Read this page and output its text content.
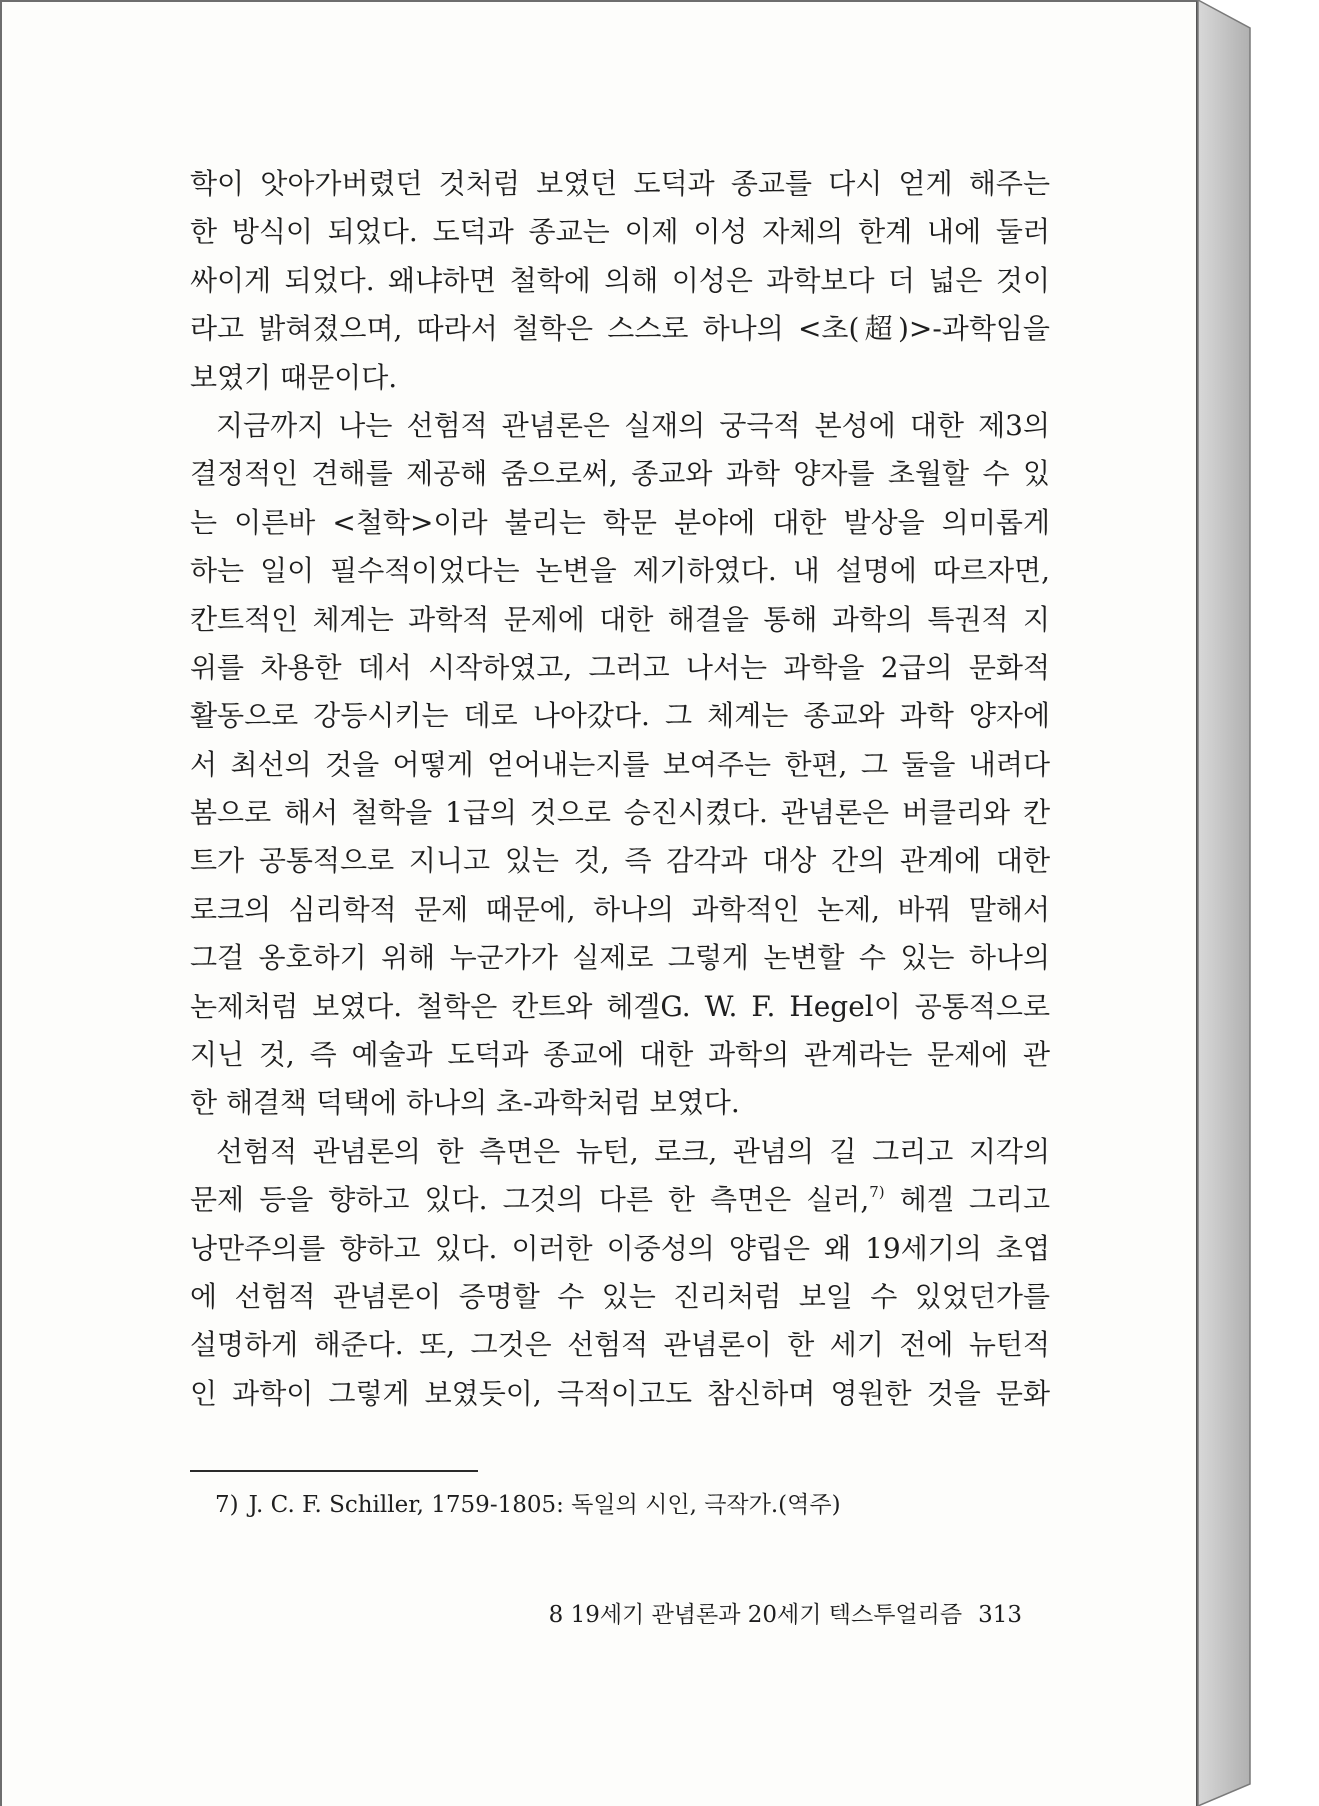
학이 앗아가버렸던 것처럼 보였던 도덕과 종교를 다시 얻게 해주는
한 방식이 되었다. 도덕과 종교는 이제 이성 자체의 한계 내에 둘러
싸이게 되었다. 왜냐하면 철학에 의해 이성은 과학보다 더 넓은 것이
라고 밝혀졌으며, 따라서 철학은 스스로 하나의 <초(超)>-과학임을
보였기 때문이다.
지금까지 나는 선험적 관념론은 실재의 궁극적 본성에 대한 제3의
결정적인 견해를 제공해 줌으로써, 종교와 과학 양자를 초월할 수 있
는 이른바 <철학>이라 불리는 학문 분야에 대한 발상을 의미롭게
하는 일이 필수적이었다는 논변을 제기하였다. 내 설명에 따르자면,
칸트적인 체계는 과학적 문제에 대한 해결을 통해 과학의 특권적 지
위를 차용한 데서 시작하였고, 그러고 나서는 과학을 2급의 문화적
활동으로 강등시키는 데로 나아갔다. 그 체계는 종교와 과학 양자에
서 최선의 것을 어떻게 얻어내는지를 보여주는 한편, 그 둘을 내려다
봄으로 해서 철학을 1급의 것으로 승진시켰다. 관념론은 버클리와 칸
트가 공통적으로 지니고 있는 것, 즉 감각과 대상 간의 관계에 대한
로크의 심리학적 문제 때문에, 하나의 과학적인 논제, 바꿔 말해서
그걸 옹호하기 위해 누군가가 실제로 그렇게 논변할 수 있는 하나의
논제처럼 보였다. 철학은 칸트와 헤겔G. W. F. Hegel이 공통적으로
지닌 것, 즉 예술과 도덕과 종교에 대한 과학의 관계라는 문제에 관
한 해결책 덕택에 하나의 초-과학처럼 보였다.
선험적 관념론의 한 측면은 뉴턴, 로크, 관념의 길 그리고 지각의
문제 등을 향하고 있다. 그것의 다른 한 측면은 실러,$^{7)}$ 헤겔 그리고
낭만주의를 향하고 있다. 이러한 이중성의 양립은 왜 19세기의 초엽
에 선험적 관념론이 증명할 수 있는 진리처럼 보일 수 있었던가를
설명하게 해준다. 또, 그것은 선험적 관념론이 한 세기 전에 뉴턴적
인 과학이 그렇게 보였듯이, 극적이고도 참신하며 영원한 것을 문화
7) J. C. F. Schiller, 1759-1805: 독일의 시인, 극작가.(역주)
8 19세기 관념론과 20세기 텍스투얼리즘 313
